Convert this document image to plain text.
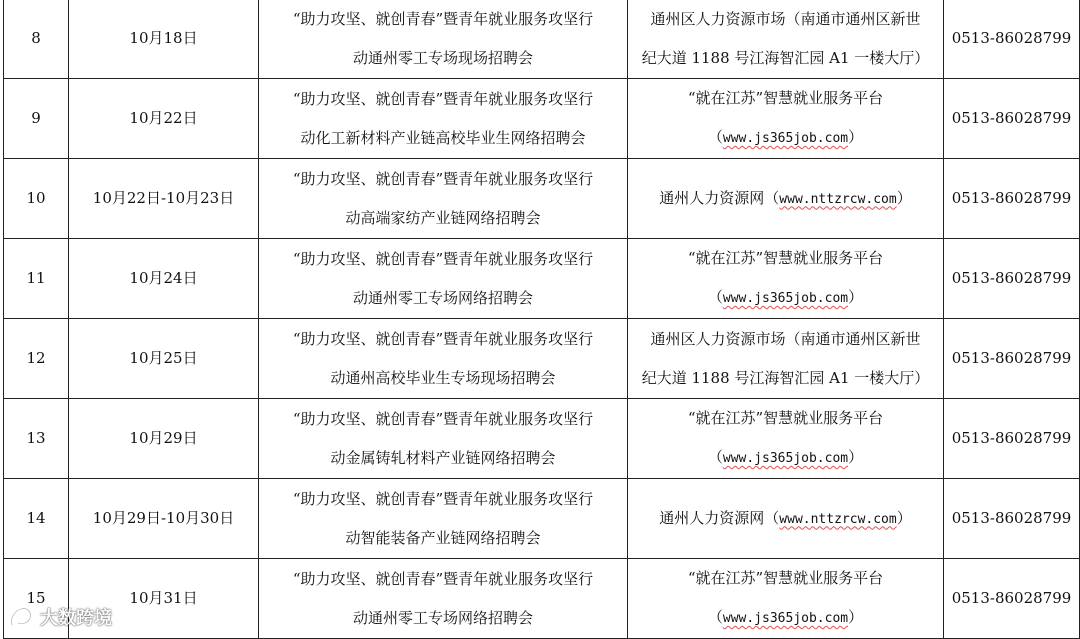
8	10月18日	“助力攻坚、就创青春”暨青年就业服务攻坚行
动通州零工专场现场招聘会	通州区人力资源市场（南通市通州区新世
纪大道 1188 号江海智汇园 A1 一楼大厅）	0513-86028799
9	10月22日	“助力攻坚、就创青春”暨青年就业服务攻坚行
动化工新材料产业链高校毕业生网络招聘会	“就在江苏”智慧就业服务平台
（www.js365job.com）	0513-86028799
10	10月22日-10月23日	“助力攻坚、就创青春”暨青年就业服务攻坚行
动高端家纺产业链网络招聘会	通州人力资源网（www.nttzrcw.com）	0513-86028799
11	10月24日	“助力攻坚、就创青春”暨青年就业服务攻坚行
动通州零工专场网络招聘会	“就在江苏”智慧就业服务平台
（www.js365job.com）	0513-86028799
12	10月25日	“助力攻坚、就创青春”暨青年就业服务攻坚行
动通州高校毕业生专场现场招聘会	通州区人力资源市场（南通市通州区新世
纪大道 1188 号江海智汇园 A1 一楼大厅）	0513-86028799
13	10月29日	“助力攻坚、就创青春”暨青年就业服务攻坚行
动金属铸轧材料产业链网络招聘会	“就在江苏”智慧就业服务平台
（www.js365job.com）	0513-86028799
14	10月29日-10月30日	“助力攻坚、就创青春”暨青年就业服务攻坚行
动智能装备产业链网络招聘会	通州人力资源网（www.nttzrcw.com）	0513-86028799
15	10月31日	“助力攻坚、就创青春”暨青年就业服务攻坚行
动通州零工专场网络招聘会	“就在江苏”智慧就业服务平台
（www.js365job.com）	0513-86028799
大数跨境
